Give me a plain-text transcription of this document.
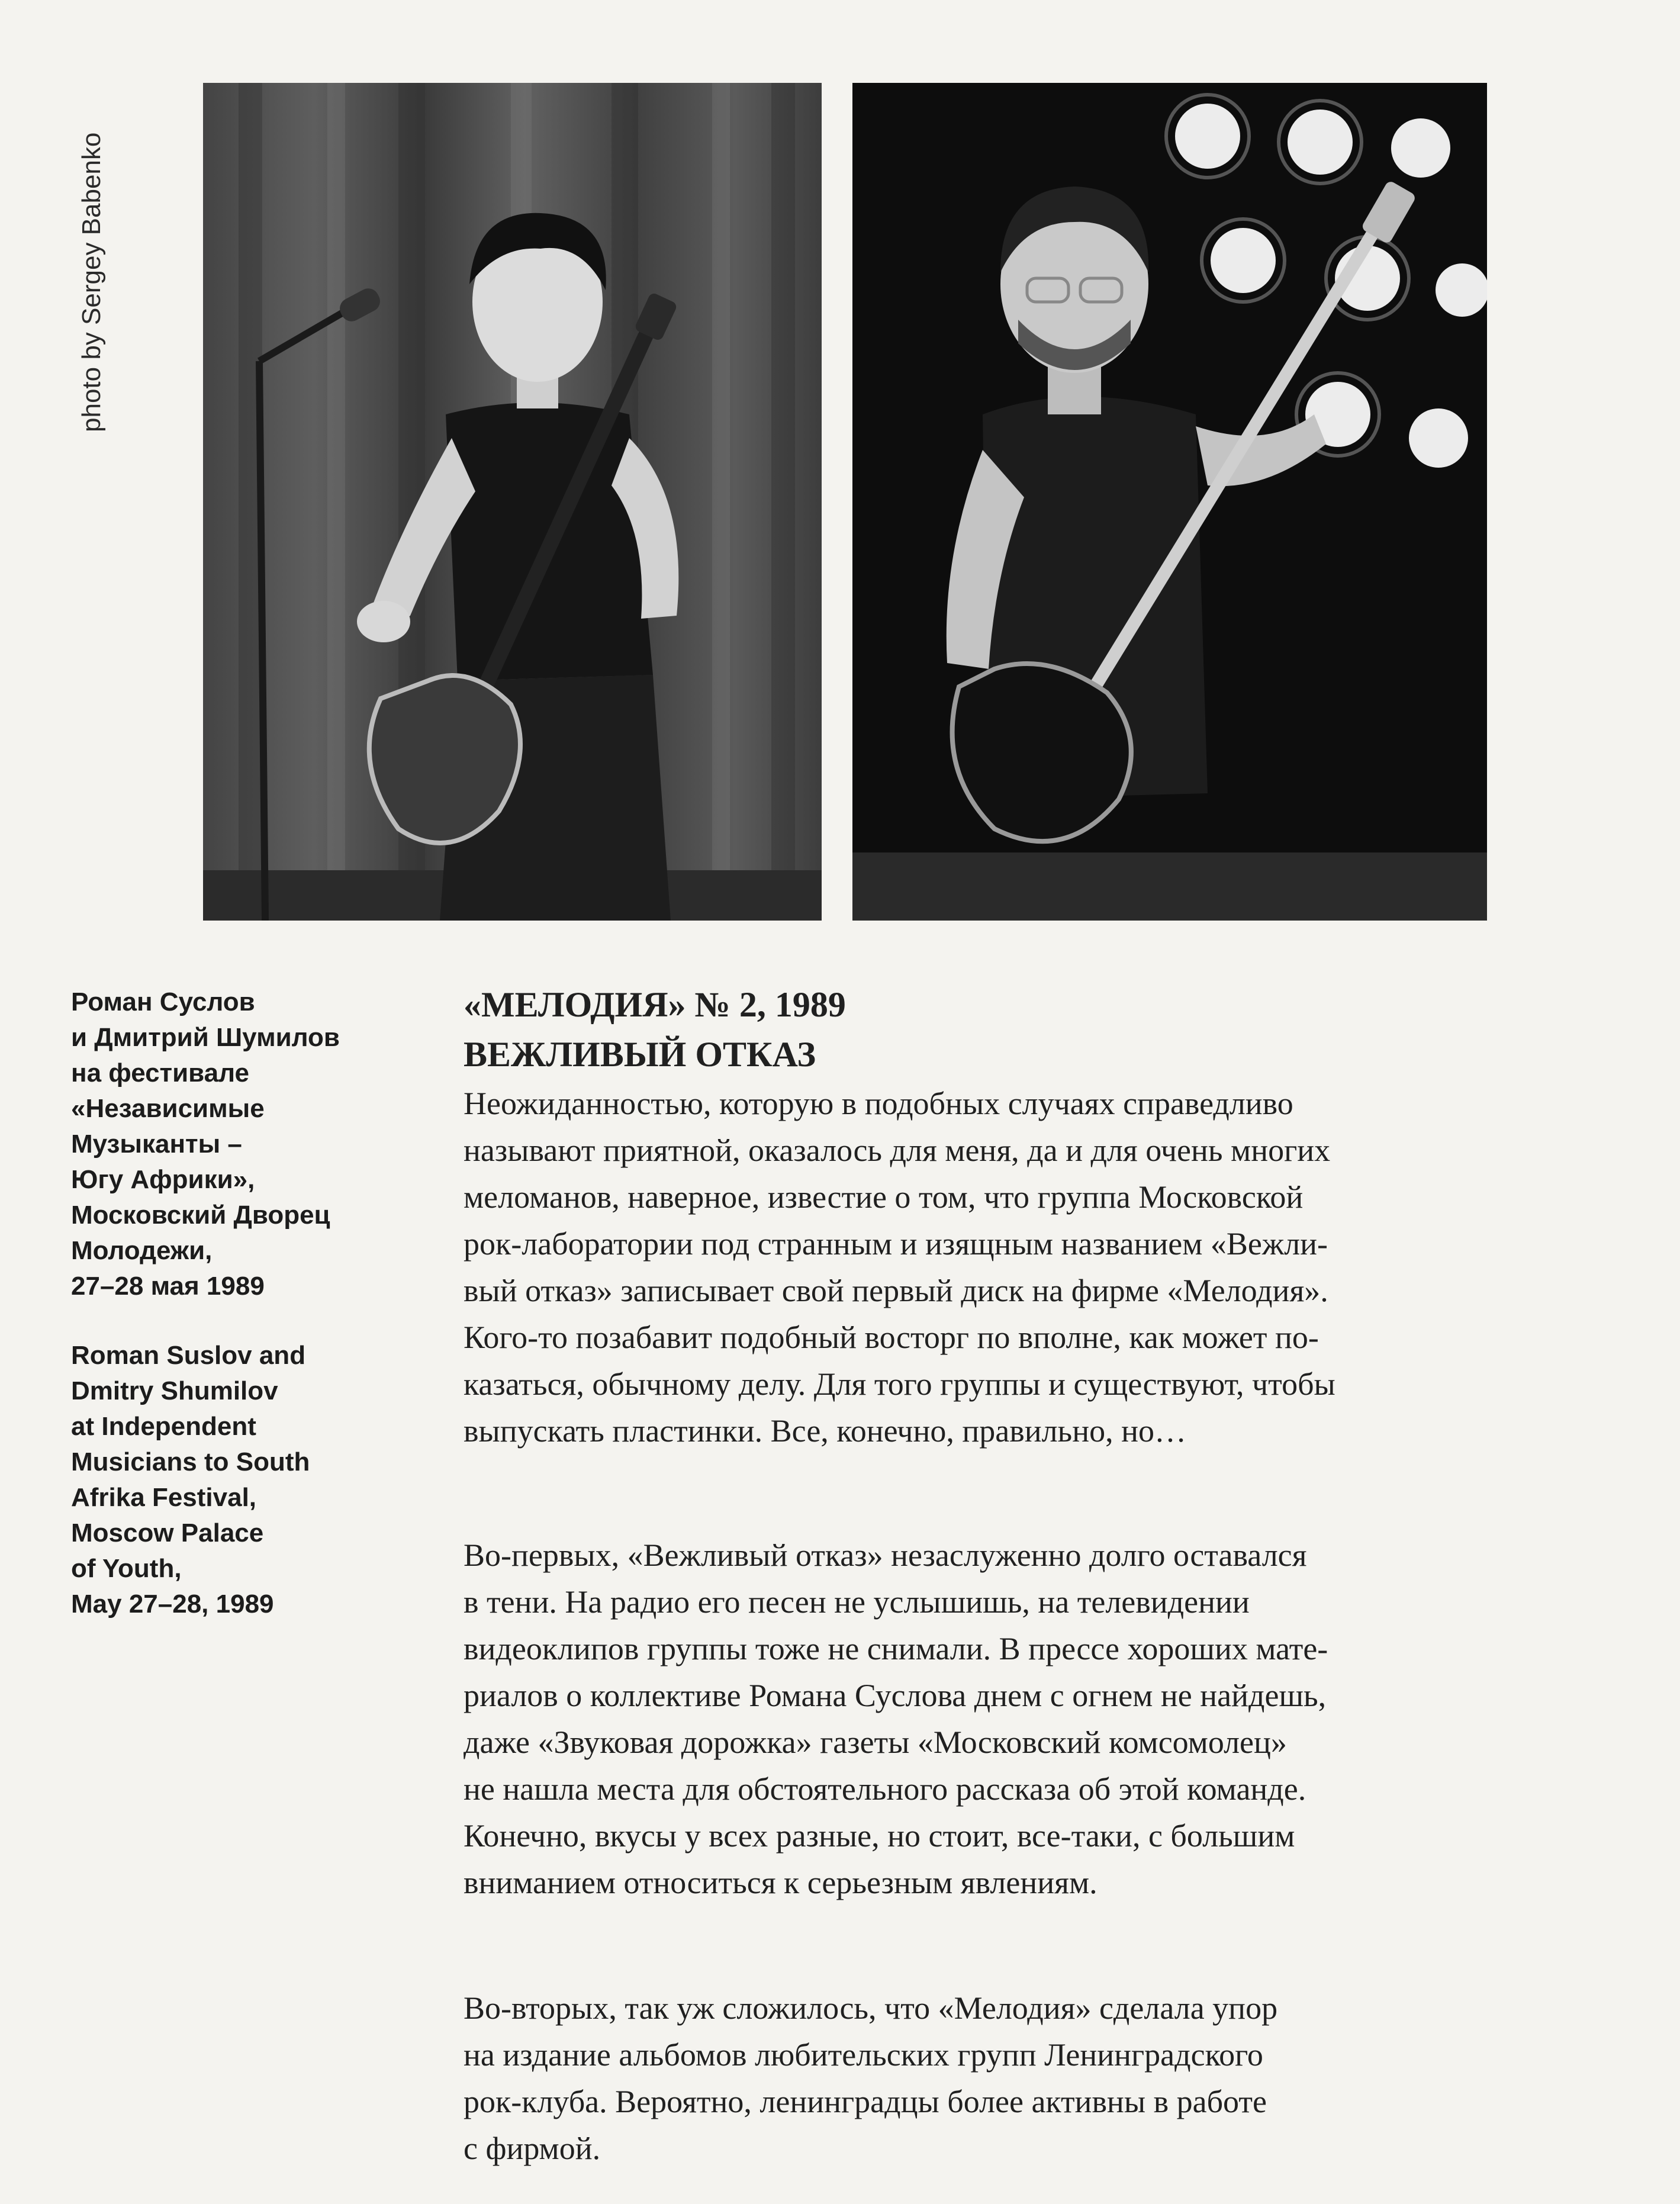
photo by Sergey Babenko
Роман Суслов
и Дмитрий Шумилов
на фестивале
«Независимые
Музыканты –
Югу Африки»,
Московский Дворец
Молодежи,
27–28 мая 1989
Roman Suslov and
Dmitry Shumilov
at Independent
Musicians to South
Afrika Festival,
Moscow Palace
of Youth,
May 27–28, 1989
«МЕЛОДИЯ» № 2, 1989
ВЕЖЛИВЫЙ ОТКАЗ
Неожиданностью, которую в подобных случаях справедливо
называют приятной, оказалось для меня, да и для очень многих
меломанов, наверное, известие о том, что группа Московской
рок-лаборатории под странным и изящным названием «Вежли-
вый отказ» записывает свой первый диск на фирме «Мелодия».
Кого-то позабавит подобный восторг по вполне, как может по-
казаться, обычному делу. Для того группы и существуют, чтобы
выпускать пластинки. Все, конечно, правильно, но…
Во-первых, «Вежливый отказ» незаслуженно долго оставался
в тени. На радио его песен не услышишь, на телевидении
видеоклипов группы тоже не снимали. В прессе хороших мате-
риалов о коллективе Романа Суслова днем с огнем не найдешь,
даже «Звуковая дорожка» газеты «Московский комсомолец»
не нашла места для обстоятельного рассказа об этой команде.
Конечно, вкусы у всех разные, но стоит, все-таки, с большим
вниманием относиться к серьезным явлениям.
Во-вторых, так уж сложилось, что «Мелодия» сделала упор
на издание альбомов любительских групп Ленинградского
рок-клуба. Вероятно, ленинградцы более активны в работе
с фирмой.
